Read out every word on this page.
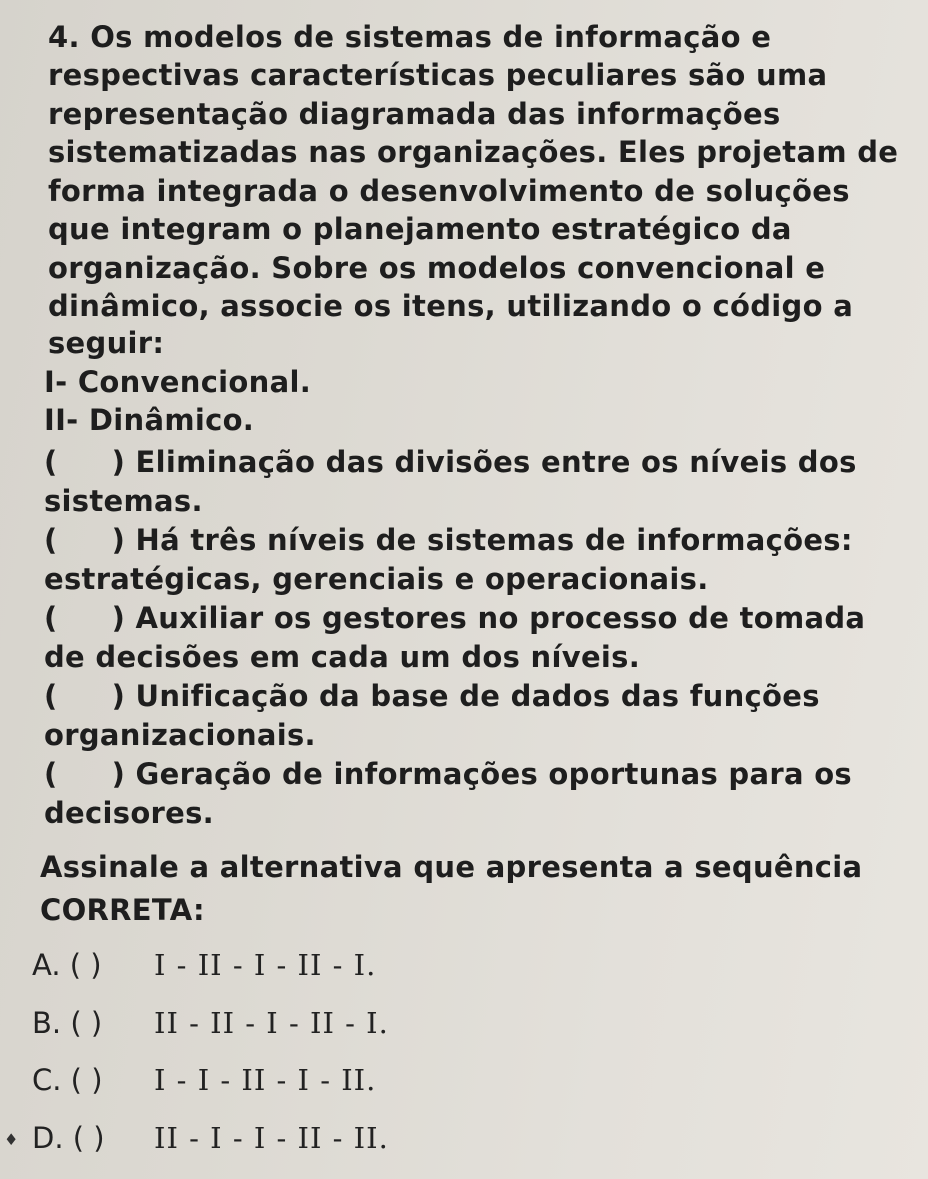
4. Os modelos de sistemas de informação e
respectivas características peculiares são uma
representação diagramada das informações
sistematizadas nas organizações. Eles projetam de
forma integrada o desenvolvimento de soluções
que integram o planejamento estratégico da
organização. Sobre os modelos convencional e
dinâmico, associe os itens, utilizando o código a
seguir:
I- Convencional.
II- Dinâmico.
( ) Eliminação das divisões entre os níveis dos
sistemas.
( ) Há três níveis de sistemas de informações:
estratégicas, gerenciais e operacionais.
( ) Auxiliar os gestores no processo de tomada
de decisões em cada um dos níveis.
( ) Unificação da base de dados das funções
organizacionais.
( ) Geração de informações oportunas para os
decisores.
Assinale a alternativa que apresenta a sequência
CORRETA:
A. ( ) I - II - I - II - I.
B. ( ) II - II - I - II - I.
C. ( ) I - I - II - I - II.
D. ( ) II - I - I - II - II.
♦
